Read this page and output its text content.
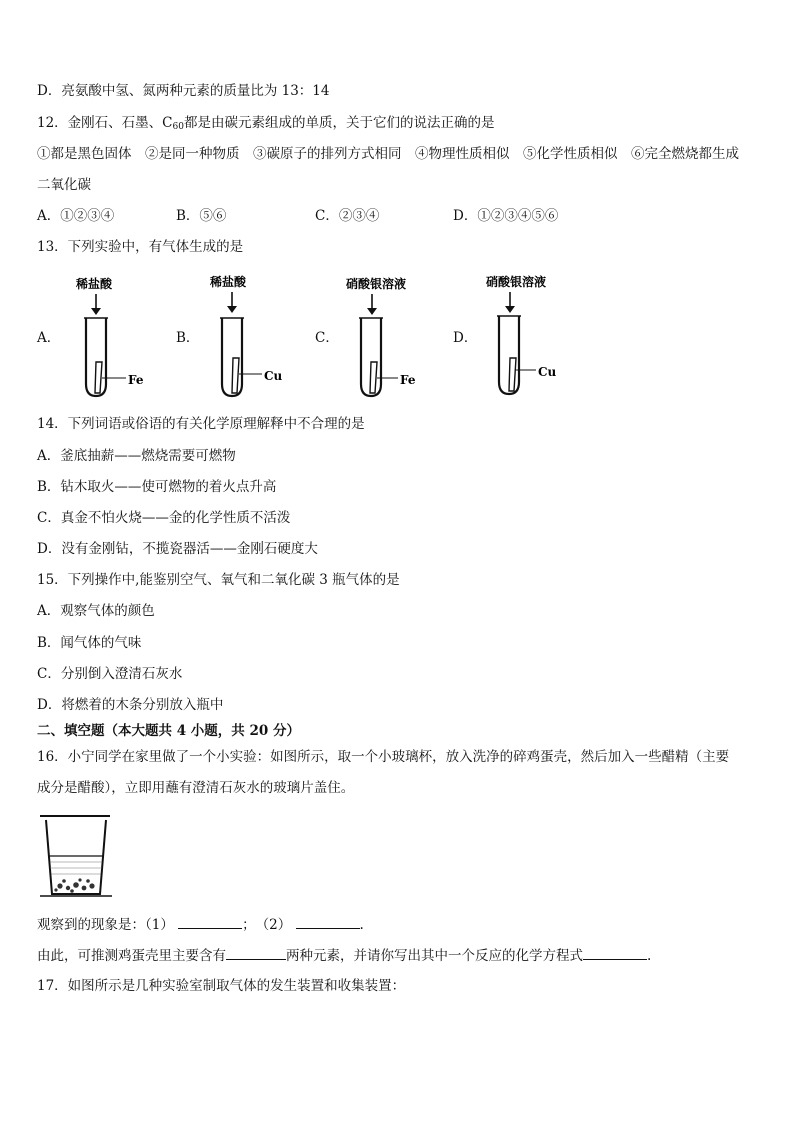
D．亮氨酸中氢、氮两种元素的质量比为 13：14
12．金刚石、石墨、$C_{60}$都是由碳元素组成的单质，关于它们的说法正确的是
①都是黑色固体　②是同一种物质　③碳原子的排列方式相同　④物理性质相似　⑤化学性质相似　⑥完全燃烧都生成
二氧化碳
A．①②③④	B．⑤⑥	C．②③④	D．①②③④⑤⑥
13．下列实验中，有气体生成的是
A．
稀盐酸
Fe
B．
稀盐酸
Cu
C．
硝酸银溶液
Fe
D．
硝酸银溶液
Cu
14．下列词语或俗语的有关化学原理解释中不合理的是
A．釜底抽薪——燃烧需要可燃物
B．钻木取火——使可燃物的着火点升高
C．真金不怕火烧——金的化学性质不活泼
D．没有金刚钻，不揽瓷器活——金刚石硬度大
15．下列操作中,能鉴别空气、氧气和二氧化碳 3 瓶气体的是
A．观察气体的颜色
B．闻气体的气味
C．分别倒入澄清石灰水
D．将燃着的木条分别放入瓶中
二、填空题（本大题共 4 小题，共 20 分）
16．小宁同学在家里做了一个小实验：如图所示，取一个小玻璃杯，放入洗净的碎鸡蛋壳，然后加入一些醋精（主要
成分是醋酸），立即用蘸有澄清石灰水的玻璃片盖住。
观察到的现象是：（1）	；　（2）	.
由此，可推测鸡蛋壳里主要含有	两种元素，并请你写出其中一个反应的化学方程式	.
17．如图所示是几种实验室制取气体的发生装置和收集装置：
